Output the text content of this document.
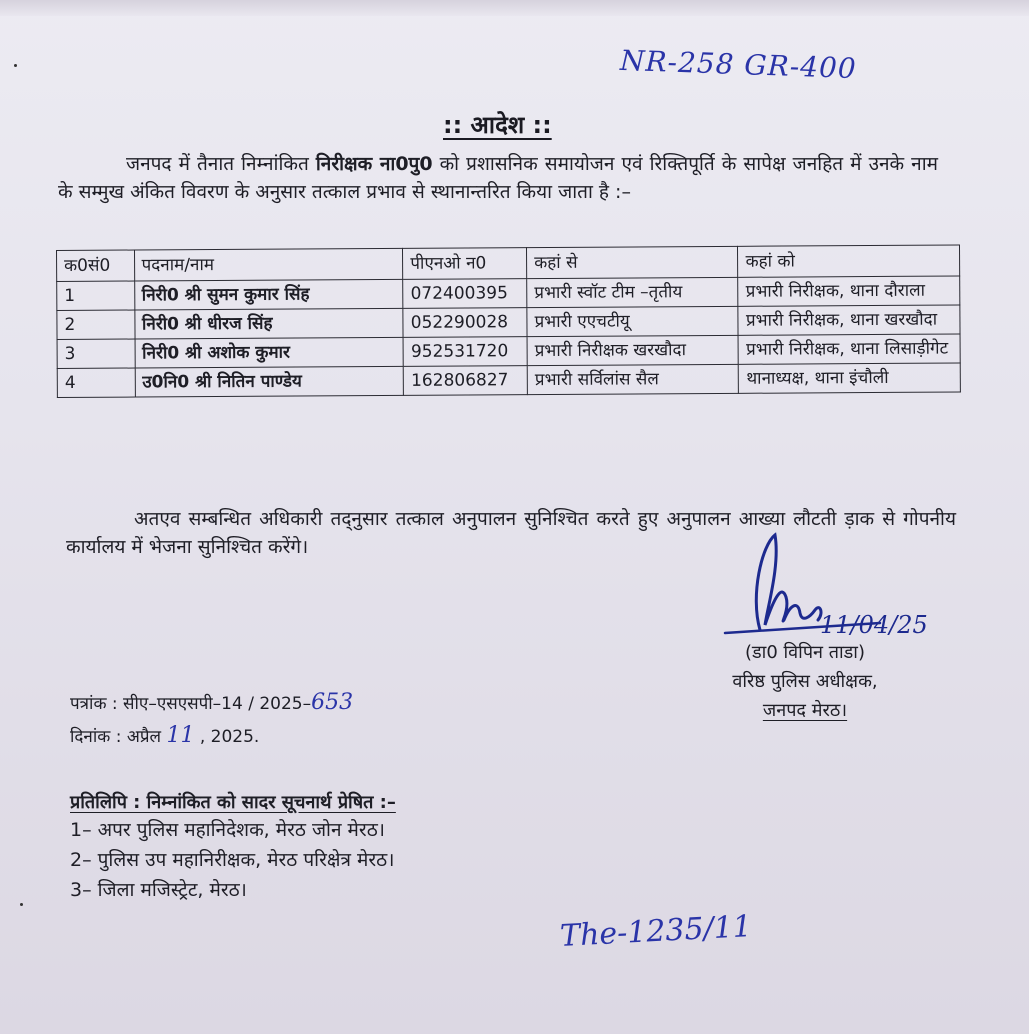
NR-258 GR-400
:: आदेश ::
जनपद में तैनात निम्नांकित निरीक्षक ना0पु0 को प्रशासनिक समायोजन एवं रिक्तिपूर्ति के सापेक्ष जनहित में उनके नाम के सम्मुख अंकित विवरण के अनुसार तत्काल प्रभाव से स्थानान्तरित किया जाता है :–
क0सं0	पदनाम/नाम	पीएनओ न0	कहां से	कहां को
1	निरी0 श्री सुमन कुमार सिंह	072400395	प्रभारी स्वॉट टीम –तृतीय	प्रभारी निरीक्षक, थाना दौराला
2	निरी0 श्री धीरज सिंह	052290028	प्रभारी एएचटीयू	प्रभारी निरीक्षक, थाना खरखौदा
3	निरी0 श्री अशोक कुमार	952531720	प्रभारी निरीक्षक खरखौदा	प्रभारी निरीक्षक, थाना लिसाड़ीगेट
4	उ0नि0 श्री नितिन पाण्डेय	162806827	प्रभारी सर्विलांस सैल	थानाध्यक्ष, थाना इंचौली
अतएव सम्बन्धित अधिकारी तद्नुसार तत्काल अनुपालन सुनिश्चित करते हुए अनुपालन आख्या लौटती ड़ाक से गोपनीय कार्यालय में भेजना सुनिश्चित करेंगे।
11/04/25
(डा0 विपिन ताडा)
वरिष्ठ पुलिस अधीक्षक,
जनपद मेरठ।
पत्रांक : सीए–एसएसपी–14 / 2025–653
दिनांक : अप्रैल 11 , 2025.
प्रतिलिपि : निम्नांकित को सादर सूचनार्थ प्रेषित :–
1– अपर पुलिस महानिदेशक, मेरठ जोन मेरठ।
2– पुलिस उप महानिरीक्षक, मेरठ परिक्षेत्र मेरठ।
3– जिला मजिस्ट्रेट, मेरठ।
The-1235/11
